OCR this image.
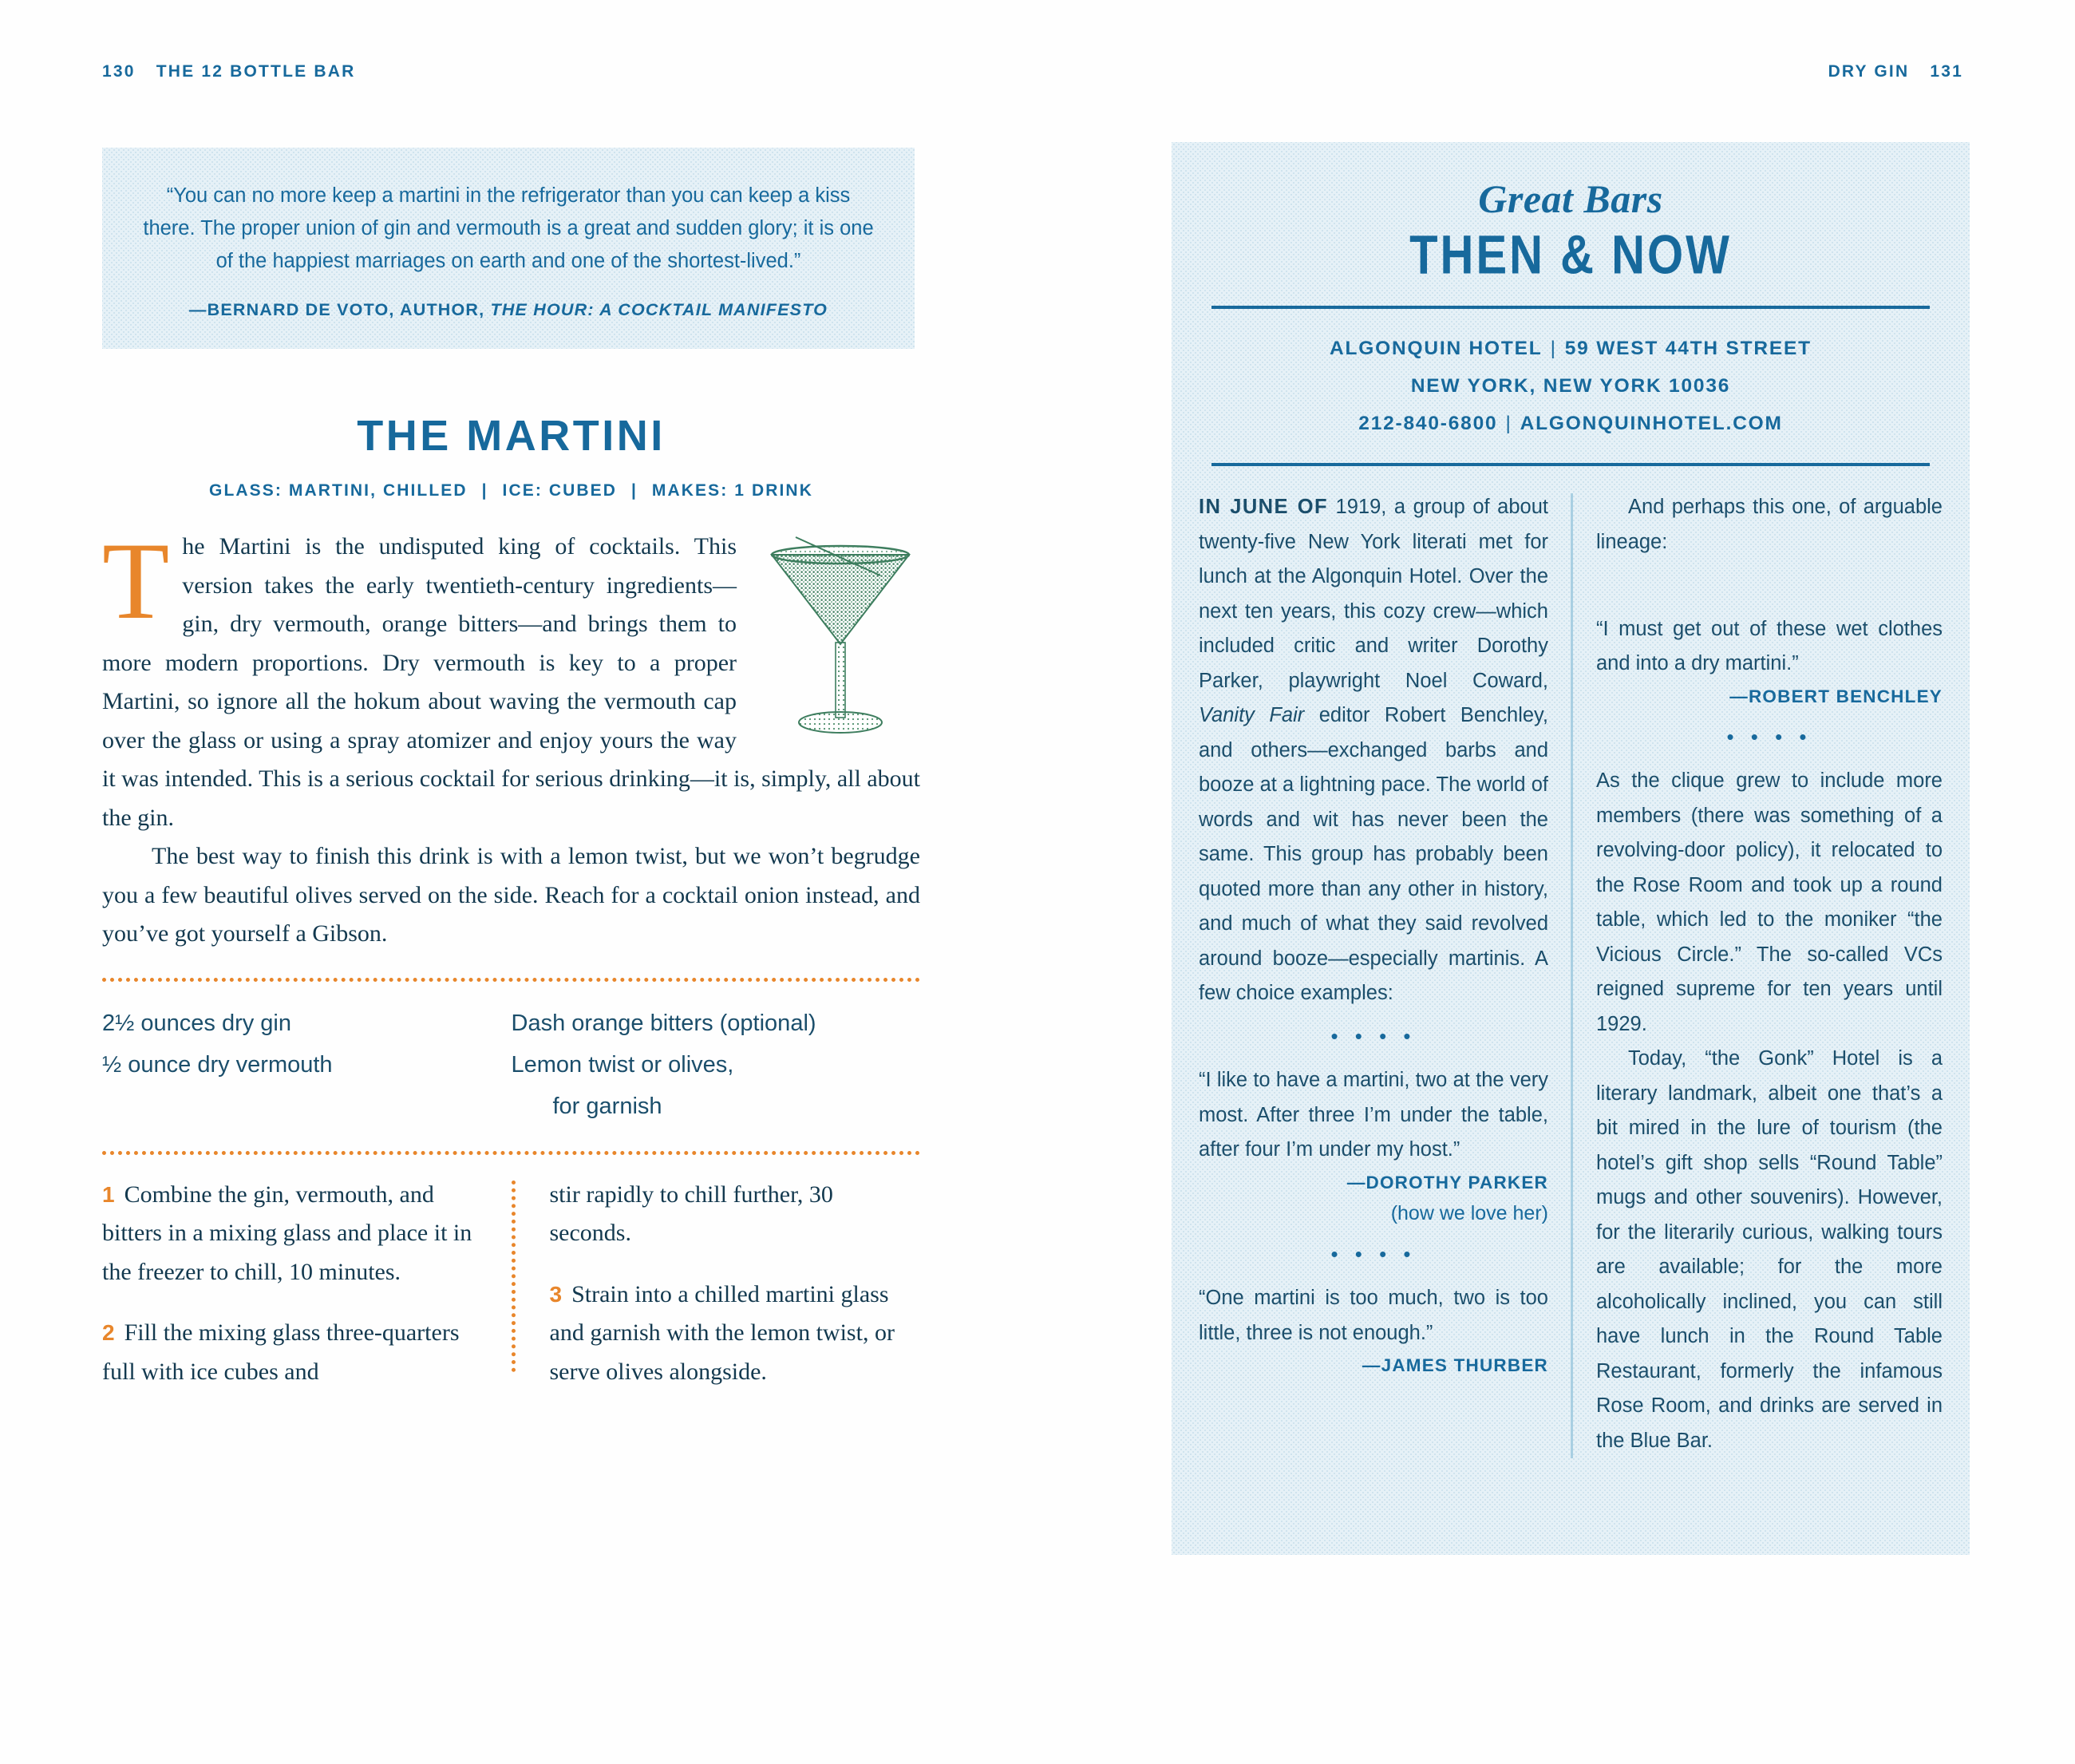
130 THE 12 BOTTLE BAR	DRY GIN 131

“You can no more keep a martini in the refrigerator than you can keep a kiss there. The proper union of gin and vermouth is a great and sudden glory; it is one of the happiest marriages on earth and one of the shortest-lived.”

—BERNARD DE VOTO, AUTHOR, THE HOUR: A COCKTAIL MANIFESTO
THE MARTINI
GLASS: MARTINI, CHILLED | ICE: CUBED | MAKES: 1 DRINK

The Martini is the undisputed king of cocktails. This version takes the early twentieth-century ingredients—gin, dry vermouth, orange bitters—and brings them to more modern proportions. Dry vermouth is key to a proper Martini, so ignore all the hokum about waving the vermouth cap over the glass or using a spray atomizer and enjoy yours the way it was intended. This is a serious cocktail for serious drinking—it is, simply, all about the gin.

The best way to finish this drink is with a lemon twist, but we won’t begrudge you a few beautiful olives served on the side. Reach for a cocktail onion instead, and you’ve got yourself a Gibson.

2½ ounces dry gin
½ ounce dry vermouth
Dash orange bitters (optional)
Lemon twist or olives,
for garnish
1 Combine the gin, vermouth, and bitters in a mixing glass and place it in the freezer to chill, 10 minutes.
2 Fill the mixing glass three-quarters full with ice cubes and
stir rapidly to chill further, 30 seconds.
3 Strain into a chilled martini glass and garnish with the lemon twist, or serve olives alongside.
Great Bars
THEN & NOW
ALGONQUIN HOTEL | 59 WEST 44TH STREET
NEW YORK, NEW YORK 10036
212-840-6800 | ALGONQUINHOTEL.COM

IN JUNE OF 1919, a group of about twenty-five New York literati met for lunch at the Algonquin Hotel. Over the next ten years, this cozy crew—which included critic and writer Dorothy Parker, playwright Noel Coward, Vanity Fair editor Robert Benchley, and others—exchanged barbs and booze at a lightning pace. The world of words and wit has never been the same. This group has probably been quoted more than any other in history, and much of what they said revolved around booze—especially martinis. A few choice examples:

• • • •

“I like to have a martini, two at the very most. After three I’m under the table, after four I’m under my host.”

—DOROTHY PARKER
(how we love her)
• • • •

“One martini is too much, two is too little, three is not enough.”

—JAMES THURBER

And perhaps this one, of arguable lineage:

“I must get out of these wet clothes and into a dry martini.”

—ROBERT BENCHLEY
• • • •

As the clique grew to include more members (there was something of a revolving-door policy), it relocated to the Rose Room and took up a round table, which led to the moniker “the Vicious Circle.” The so-called VCs reigned supreme for ten years until 1929.

Today, “the Gonk” Hotel is a literary landmark, albeit one that’s a bit mired in the lure of tourism (the hotel’s gift shop sells “Round Table” mugs and other souvenirs). However, for the literarily curious, walking tours are available; for the more alcoholically inclined, you can still have lunch in the Round Table Restaurant, formerly the infamous Rose Room, and drinks are served in the Blue Bar.
